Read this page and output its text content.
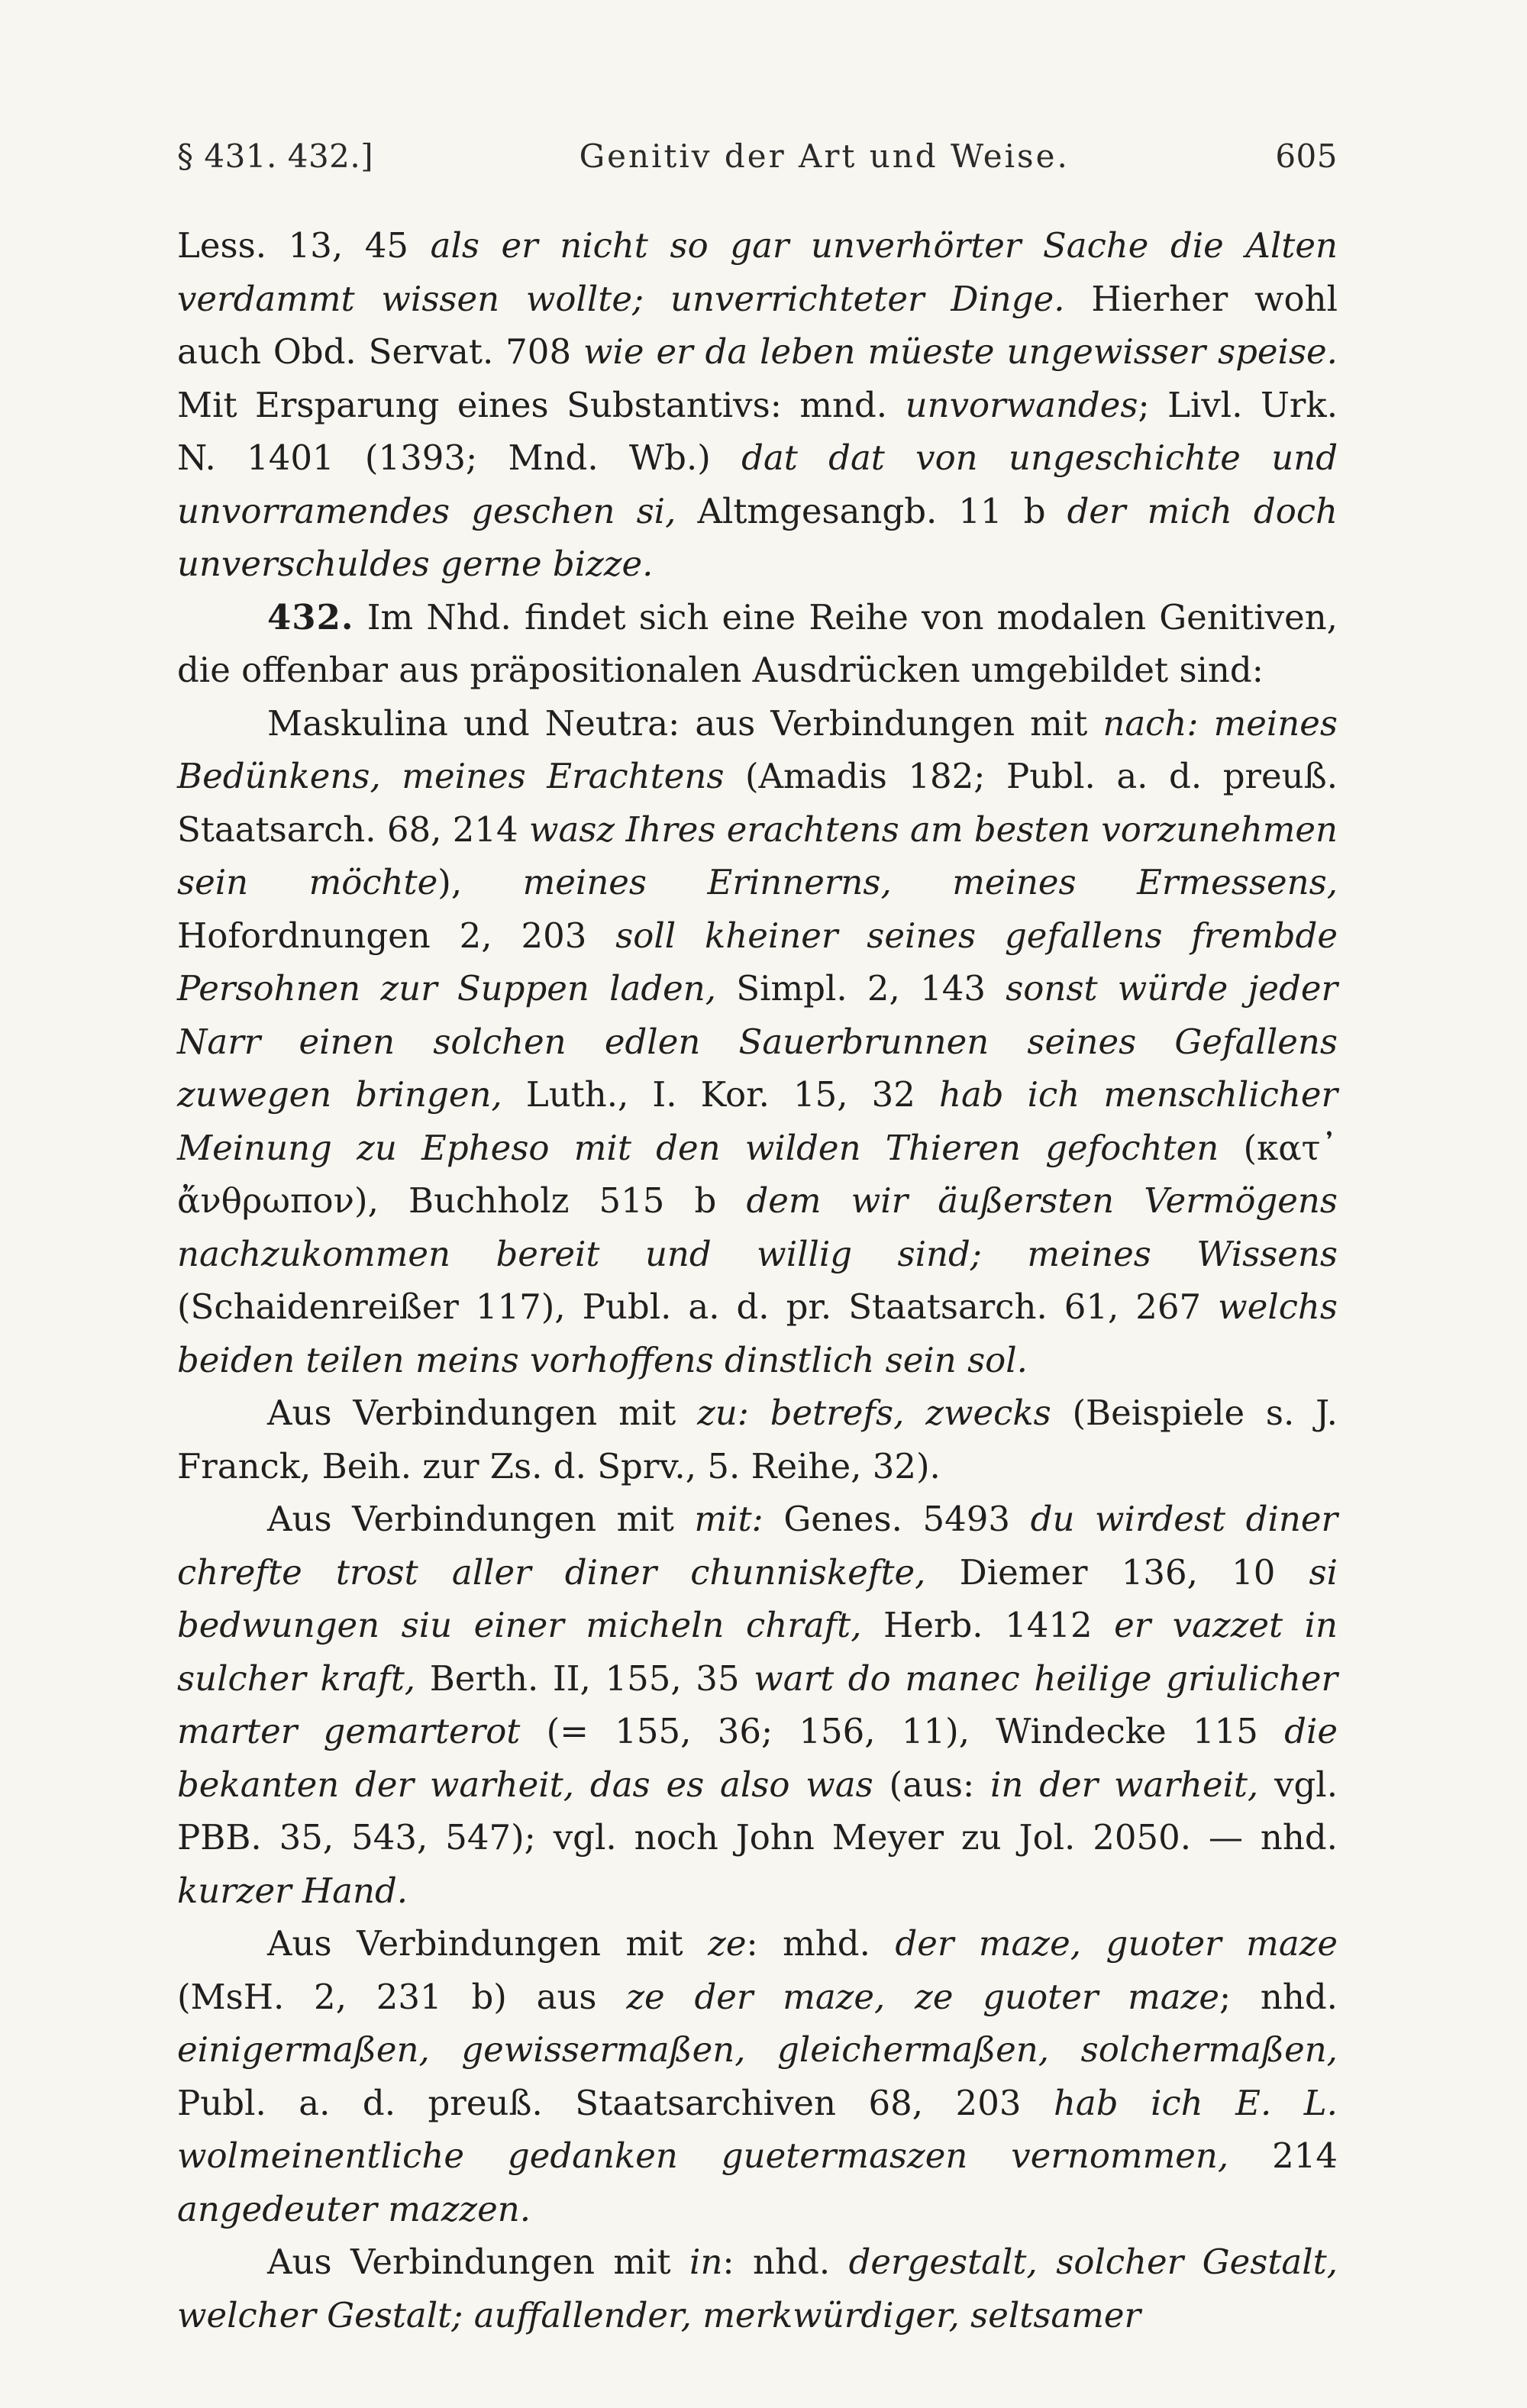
§ 431. 432.]	Genitiv der Art und Weise.	605

Less. 13, 45 als er nicht so gar unverhörter Sache die Alten verdammt wissen wollte; unverrichteter Dinge. Hierher wohl auch Obd. Servat. 708 wie er da leben müeste ungewisser speise. Mit Ersparung eines Substantivs: mnd. unvorwandes; Livl. Urk. N. 1401 (1393; Mnd. Wb.) dat dat von ungeschichte und unvorramendes geschen si, Altmgesangb. 11 b der mich doch unverschuldes gerne bizze.

432. Im Nhd. findet sich eine Reihe von modalen Genitiven, die offenbar aus präpositionalen Ausdrücken umgebildet sind:

Maskulina und Neutra: aus Verbindungen mit nach: meines Bedünkens, meines Erachtens (Amadis 182; Publ. a. d. preuß. Staatsarch. 68, 214 wasz Ihres erachtens am besten vorzunehmen sein möchte), meines Erinnerns, meines Ermessens, Hofordnungen 2, 203 soll kheiner seines gefallens frembde Persohnen zur Suppen laden, Simpl. 2, 143 sonst würde jeder Narr einen solchen edlen Sauerbrunnen seines Gefallens zuwegen bringen, Luth., I. Kor. 15, 32 hab ich menschlicher Meinung zu Epheso mit den wilden Thieren gefochten (κατ᾽ ἄνθρωπον), Buchholz 515 b dem wir äußersten Vermögens nachzukommen bereit und willig sind; meines Wissens (Schaidenreißer 117), Publ. a. d. pr. Staatsarch. 61, 267 welchs beiden teilen meins vorhoffens dinstlich sein sol.

Aus Verbindungen mit zu: betrefs, zwecks (Beispiele s. J. Franck, Beih. zur Zs. d. Sprv., 5. Reihe, 32).

Aus Verbindungen mit mit: Genes. 5493 du wirdest diner chrefte trost aller diner chunniskefte, Diemer 136, 10 si bedwungen siu einer micheln chraft, Herb. 1412 er vazzet in sulcher kraft, Berth. II, 155, 35 wart do manec heilige griulicher marter gemarterot (= 155, 36; 156, 11), Windecke 115 die bekanten der warheit, das es also was (aus: in der warheit, vgl. PBB. 35, 543, 547); vgl. noch John Meyer zu Jol. 2050. — nhd. kurzer Hand.

Aus Verbindungen mit ze: mhd. der maze, guoter maze (MsH. 2, 231 b) aus ze der maze, ze guoter maze; nhd. einigermaßen, gewissermaßen, gleichermaßen, solchermaßen, Publ. a. d. preuß. Staatsarchiven 68, 203 hab ich E. L. wolmeinentliche gedanken guetermaszen vernommen, 214 angedeuter mazzen.

Aus Verbindungen mit in: nhd. dergestalt, solcher Gestalt, welcher Gestalt; auffallender, merkwürdiger, seltsamer
